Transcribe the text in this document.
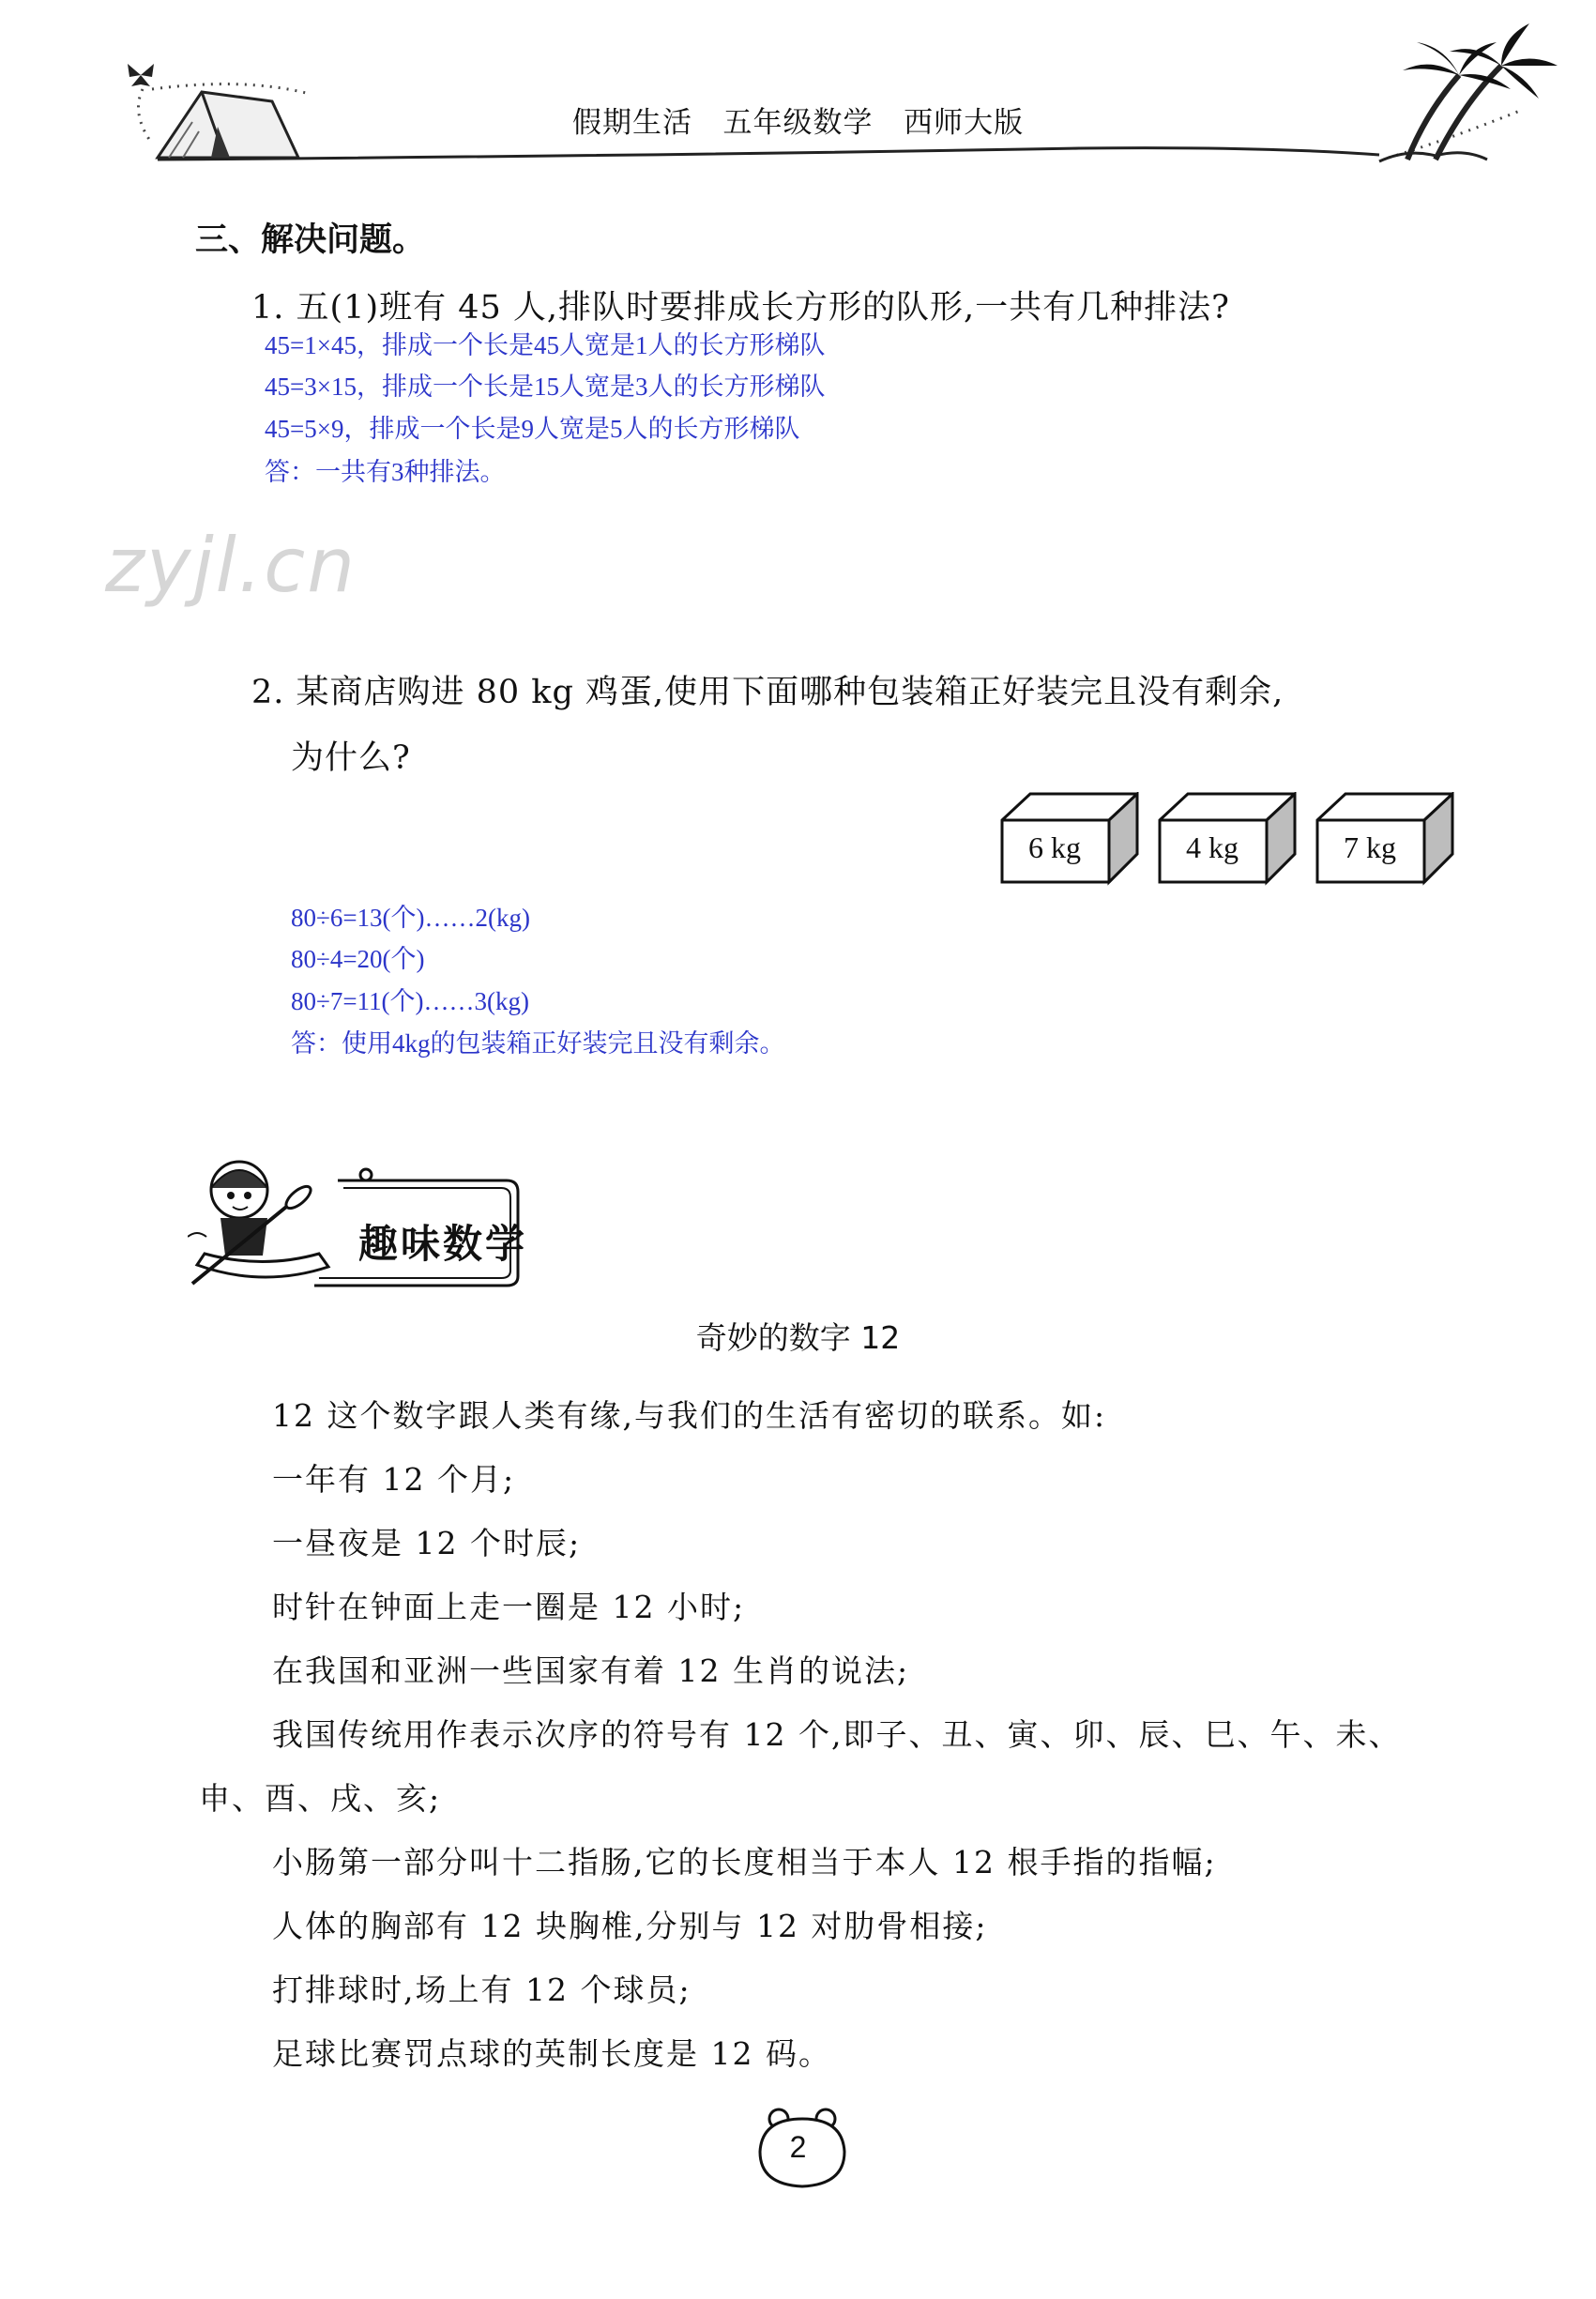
假期生活   五年级数学   西师大版
zyjl.cn
三、解决问题。
1. 五(1)班有 45 人,排队时要排成长方形的队形,一共有几种排法?
45=1×45，排成一个长是45人宽是1人的长方形梯队
45=3×15，排成一个长是15人宽是3人的长方形梯队
45=5×9，排成一个长是9人宽是5人的长方形梯队
答：一共有3种排法。
2. 某商店购进 80 kg 鸡蛋,使用下面哪种包装箱正好装完且没有剩余,
为什么?
6 kg	4 kg	7 kg
80÷6=13(个)……2(kg)
80÷4=20(个)
80÷7=11(个)……3(kg)
答：使用4kg的包装箱正好装完且没有剩余。
趣味数学
奇妙的数字 12
12 这个数字跟人类有缘,与我们的生活有密切的联系。如:
一年有 12 个月;
一昼夜是 12 个时辰;
时针在钟面上走一圈是 12 小时;
在我国和亚洲一些国家有着 12 生肖的说法;
我国传统用作表示次序的符号有 12 个,即子、丑、寅、卯、辰、巳、午、未、
申、酉、戌、亥;
小肠第一部分叫十二指肠,它的长度相当于本人 12 根手指的指幅;
人体的胸部有 12 块胸椎,分别与 12 对肋骨相接;
打排球时,场上有 12 个球员;
足球比赛罚点球的英制长度是 12 码。
2
